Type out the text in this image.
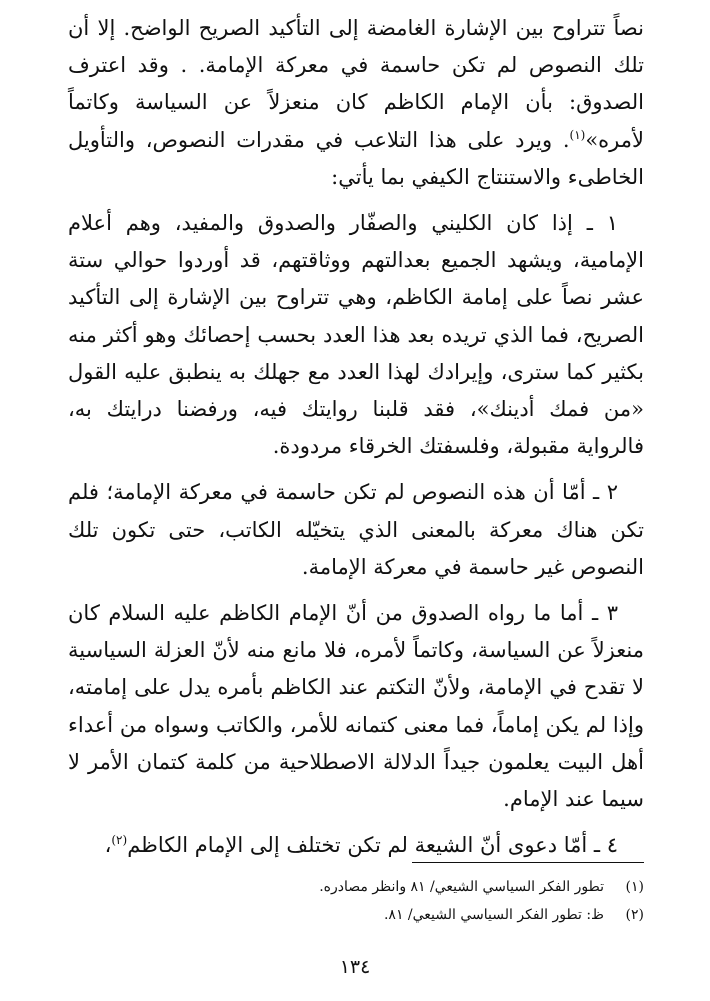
نصاً تتراوح بين الإشارة الغامضة إلى التأكيد الصريح الواضح. إلا أن تلك النصوص لم تكن حاسمة في معركة الإمامة. . وقد اعترف الصدوق: بأن الإمام الكاظم كان منعزلاً عن السياسة وكاتماً لأمره»$^{(١)}$. ويرد على هذا التلاعب في مقدرات النصوص، والتأويل الخاطىء والاستنتاج الكيفي بما يأتي:

١ ـ إذا كان الكليني والصفّار والصدوق والمفيد، وهم أعلام الإمامية، ويشهد الجميع بعدالتهم ووثاقتهم، قد أوردوا حوالي ستة عشر نصاً على إمامة الكاظم، وهي تتراوح بين الإشارة إلى التأكيد الصريح، فما الذي تريده بعد هذا العدد بحسب إحصائك وهو أكثر منه بكثير كما سترى، وإيرادك لهذا العدد مع جهلك به ينطبق عليه القول «من فمك أدينك»، فقد قلبنا روايتك فيه، ورفضنا درايتك به، فالرواية مقبولة، وفلسفتك الخرقاء مردودة.

٢ ـ أمّا أن هذه النصوص لم تكن حاسمة في معركة الإمامة؛ فلم تكن هناك معركة بالمعنى الذي يتخيّله الكاتب، حتى تكون تلك النصوص غير حاسمة في معركة الإمامة.

٣ ـ أما ما رواه الصدوق من أنّ الإمام الكاظم عليه السلام كان منعزلاً عن السياسة، وكاتماً لأمره، فلا مانع منه لأنّ العزلة السياسية لا تقدح في الإمامة، ولأنّ التكتم عند الكاظم بأمره يدل على إمامته، وإذا لم يكن إماماً، فما معنى كتمانه للأمر، والكاتب وسواه من أعداء أهل البيت يعلمون جيداً الدلالة الاصطلاحية من كلمة كتمان الأمر لا سيما عند الإمام.

٤ ـ أمّا دعوى أنّ الشيعة لم تكن تختلف إلى الإمام الكاظم$^{(٢)}$،

(١)تطور الفكر السياسي الشيعي/ ٨١ وانظر مصادره.

(٢)ظ: تطور الفكر السياسي الشيعي/ ٨١.

١٣٤
